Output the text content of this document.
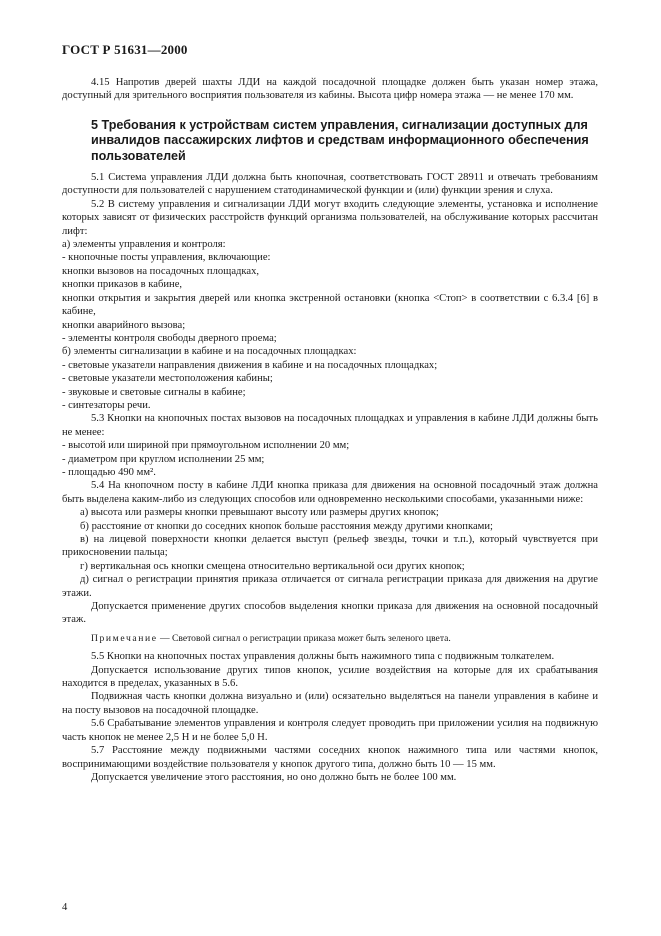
ГОСТ Р 51631—2000

4.15 Напротив дверей шахты ЛДИ на каждой посадочной площадке должен быть указан номер этажа, доступный для зрительного восприятия пользователя из кабины. Высота цифр номера этажа — не менее 170 мм.

5 Требования к устройствам систем управления, сигнализации доступных для инвалидов пассажирских лифтов и средствам информационного обеспечения пользователей

5.1 Система управления ЛДИ должна быть кнопочная, соответствовать ГОСТ 28911 и отвечать требованиям доступности для пользователей с нарушением статодинамической функции и (или) функции зрения и слуха.

5.2 В систему управления и сигнализации ЛДИ могут входить следующие элементы, установка и исполнение которых зависят от физических расстройств функций организма пользователей, на обслуживание которых рассчитан лифт:

а) элементы управления и контроля:

- кнопочные посты управления, включающие:

кнопки вызовов на посадочных площадках,

кнопки приказов в кабине,

кнопки открытия и закрытия дверей или кнопка экстренной остановки (кнопка <Стоп> в соответствии с 6.3.4 [6] в кабине,

кнопки аварийного вызова;

- элементы контроля свободы дверного проема;

б) элементы сигнализации в кабине и на посадочных площадках:

- световые указатели направления движения в кабине и на посадочных площадках;

- световые указатели местоположения кабины;

- звуковые и световые сигналы в кабине;

- синтезаторы речи.

5.3 Кнопки на кнопочных постах вызовов на посадочных площадках и управления в кабине ЛДИ должны быть не менее:

- высотой или шириной при прямоугольном исполнении 20 мм;

- диаметром при круглом исполнении 25 мм;

- площадью 490 мм².

5.4 На кнопочном посту в кабине ЛДИ кнопка приказа для движения на основной посадочный этаж должна быть выделена каким-либо из следующих способов или одновременно несколькими способами, указанными ниже:

а) высота или размеры кнопки превышают высоту или размеры других кнопок;

б) расстояние от кнопки до соседних кнопок больше расстояния между другими кнопками;

в) на лицевой поверхности кнопки делается выступ (рельеф звезды, точки и т.п.), который чувствуется при прикосновении пальца;

г) вертикальная ось кнопки смещена относительно вертикальной оси других кнопок;

д) сигнал о регистрации принятия приказа отличается от сигнала регистрации приказа для движения на другие этажи.

Допускается применение других способов выделения кнопки приказа для движения на основной посадочный этаж.

Примечание — Световой сигнал о регистрации приказа может быть зеленого цвета.

5.5 Кнопки на кнопочных постах управления должны быть нажимного типа с подвижным толкателем.

Допускается использование других типов кнопок, усилие воздействия на которые для их срабатывания находится в пределах, указанных в 5.6.

Подвижная часть кнопки должна визуально и (или) осязательно выделяться на панели управления в кабине и на посту вызовов на посадочной площадке.

5.6 Срабатывание элементов управления и контроля следует проводить при приложении усилия на подвижную часть кнопок не менее 2,5 Н и не более 5,0 Н.

5.7 Расстояние между подвижными частями соседних кнопок нажимного типа или частями кнопок, воспринимающими воздействие пользователя у кнопок другого типа, должно быть 10 — 15 мм.

Допускается увеличение этого расстояния, но оно должно быть не более 100 мм.

4
